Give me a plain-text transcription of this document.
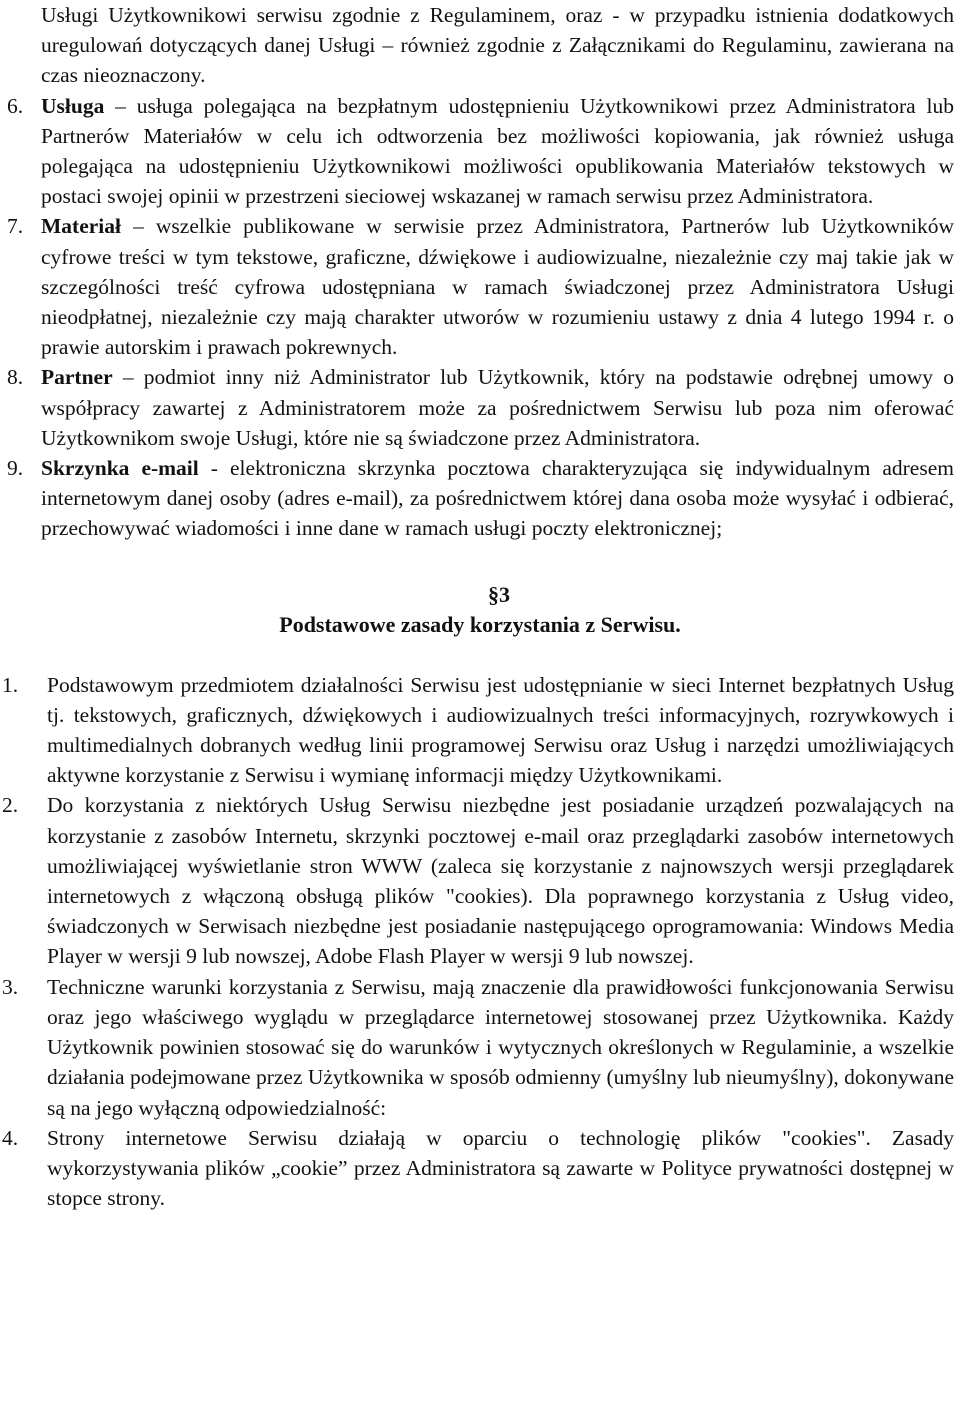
Usługi Użytkownikowi serwisu zgodnie z Regulaminem, oraz - w przypadku istnienia dodatkowych uregulowań dotyczących danej Usługi – również zgodnie z Załącznikami do Regulaminu, zawierana na czas nieoznaczony.

6. Usługa – usługa polegająca na bezpłatnym udostępnieniu Użytkownikowi przez Administratora lub Partnerów Materiałów w celu ich odtworzenia bez możliwości kopiowania, jak również usługa polegająca na udostępnieniu Użytkownikowi możliwości opublikowania Materiałów tekstowych w postaci swojej opinii w przestrzeni sieciowej wskazanej w ramach serwisu przez Administratora.
7. Materiał – wszelkie publikowane w serwisie przez Administratora, Partnerów lub Użytkowników cyfrowe treści w tym tekstowe, graficzne, dźwiękowe i audiowizualne, niezależnie czy maj takie jak w szczególności treść cyfrowa udostępniana w ramach świadczonej przez Administratora Usługi nieodpłatnej, niezależnie czy mają charakter utworów w rozumieniu ustawy z dnia 4 lutego 1994 r. o prawie autorskim i prawach pokrewnych.
8. Partner – podmiot inny niż Administrator lub Użytkownik, który na podstawie odrębnej umowy o współpracy zawartej z Administratorem może za pośrednictwem Serwisu lub poza nim oferować Użytkownikom swoje Usługi, które nie są świadczone przez Administratora.
9. Skrzynka e-mail - elektroniczna skrzynka pocztowa charakteryzująca się indywidualnym adresem internetowym danej osoby (adres e-mail), za pośrednictwem której dana osoba może wysyłać i odbierać, przechowywać wiadomości i inne dane w ramach usługi poczty elektronicznej;
§3
Podstawowe zasady korzystania z Serwisu.
1. Podstawowym przedmiotem działalności Serwisu jest udostępnianie w sieci Internet bezpłatnych Usług tj. tekstowych, graficznych, dźwiękowych i audiowizualnych treści informacyjnych, rozrywkowych i multimedialnych dobranych według linii programowej Serwisu oraz Usług i narzędzi umożliwiających aktywne korzystanie z Serwisu i wymianę informacji między Użytkownikami.
2. Do korzystania z niektórych Usług Serwisu niezbędne jest posiadanie urządzeń pozwalających na korzystanie z zasobów Internetu, skrzynki pocztowej e-mail oraz przeglądarki zasobów internetowych umożliwiającej wyświetlanie stron WWW (zaleca się korzystanie z najnowszych wersji przeglądarek internetowych z włączoną obsługą plików "cookies). Dla poprawnego korzystania z Usług video, świadczonych w Serwisach niezbędne jest posiadanie następującego oprogramowania: Windows Media Player w wersji 9 lub nowszej, Adobe Flash Player w wersji 9 lub nowszej.
3. Techniczne warunki korzystania z Serwisu, mają znaczenie dla prawidłowości funkcjonowania Serwisu oraz jego właściwego wyglądu w przeglądarce internetowej stosowanej przez Użytkownika. Każdy Użytkownik powinien stosować się do warunków i wytycznych określonych w Regulaminie, a wszelkie działania podejmowane przez Użytkownika w sposób odmienny (umyślny lub nieumyślny), dokonywane są na jego wyłączną odpowiedzialność:
4. Strony internetowe Serwisu działają w oparciu o technologię plików "cookies". Zasady wykorzystywania plików „cookie” przez Administratora są zawarte w Polityce prywatności dostępnej w stopce strony.
